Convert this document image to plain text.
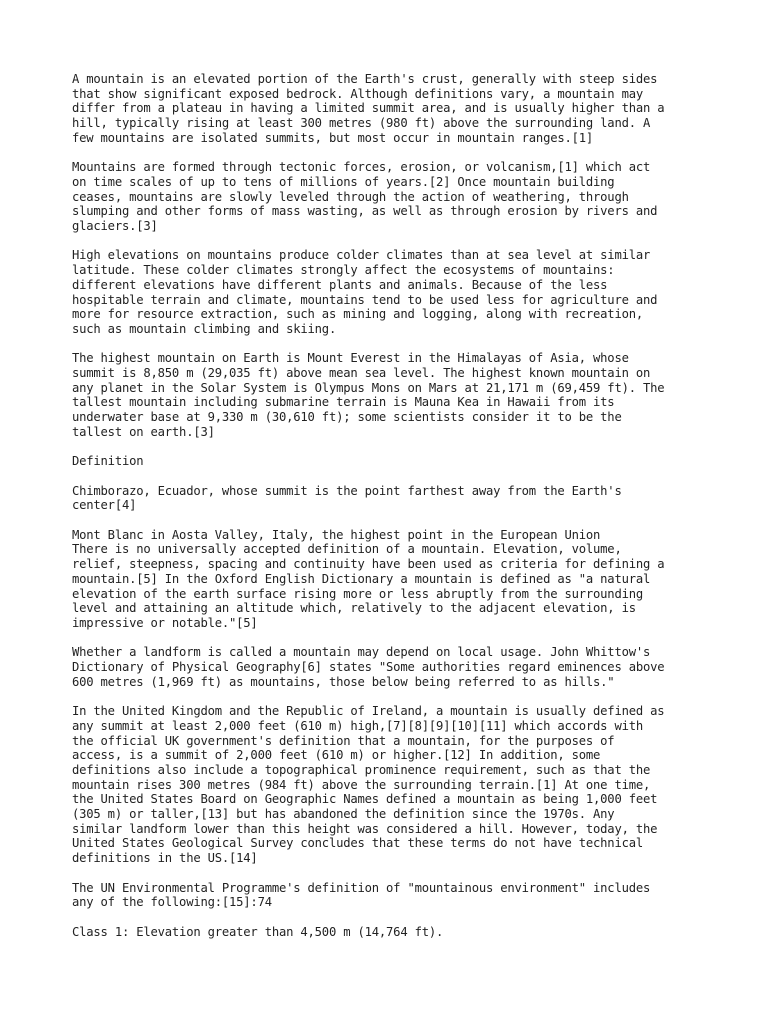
A mountain is an elevated portion of the Earth's crust, generally with steep sides
that show significant exposed bedrock. Although definitions vary, a mountain may
differ from a plateau in having a limited summit area, and is usually higher than a
hill, typically rising at least 300 metres (980 ft) above the surrounding land. A
few mountains are isolated summits, but most occur in mountain ranges.[1]

Mountains are formed through tectonic forces, erosion, or volcanism,[1] which act
on time scales of up to tens of millions of years.[2] Once mountain building
ceases, mountains are slowly leveled through the action of weathering, through
slumping and other forms of mass wasting, as well as through erosion by rivers and
glaciers.[3]

High elevations on mountains produce colder climates than at sea level at similar
latitude. These colder climates strongly affect the ecosystems of mountains:
different elevations have different plants and animals. Because of the less
hospitable terrain and climate, mountains tend to be used less for agriculture and
more for resource extraction, such as mining and logging, along with recreation,
such as mountain climbing and skiing.

The highest mountain on Earth is Mount Everest in the Himalayas of Asia, whose
summit is 8,850 m (29,035 ft) above mean sea level. The highest known mountain on
any planet in the Solar System is Olympus Mons on Mars at 21,171 m (69,459 ft). The
tallest mountain including submarine terrain is Mauna Kea in Hawaii from its
underwater base at 9,330 m (30,610 ft); some scientists consider it to be the
tallest on earth.[3]

Definition

Chimborazo, Ecuador, whose summit is the point farthest away from the Earth's
center[4]

Mont Blanc in Aosta Valley, Italy, the highest point in the European Union

There is no universally accepted definition of a mountain. Elevation, volume,
relief, steepness, spacing and continuity have been used as criteria for defining a
mountain.[5] In the Oxford English Dictionary a mountain is defined as "a natural
elevation of the earth surface rising more or less abruptly from the surrounding
level and attaining an altitude which, relatively to the adjacent elevation, is
impressive or notable."[5]

Whether a landform is called a mountain may depend on local usage. John Whittow's
Dictionary of Physical Geography[6] states "Some authorities regard eminences above
600 metres (1,969 ft) as mountains, those below being referred to as hills."

In the United Kingdom and the Republic of Ireland, a mountain is usually defined as
any summit at least 2,000 feet (610 m) high,[7][8][9][10][11] which accords with
the official UK government's definition that a mountain, for the purposes of
access, is a summit of 2,000 feet (610 m) or higher.[12] In addition, some
definitions also include a topographical prominence requirement, such as that the
mountain rises 300 metres (984 ft) above the surrounding terrain.[1] At one time,
the United States Board on Geographic Names defined a mountain as being 1,000 feet
(305 m) or taller,[13] but has abandoned the definition since the 1970s. Any
similar landform lower than this height was considered a hill. However, today, the
United States Geological Survey concludes that these terms do not have technical
definitions in the US.[14]

The UN Environmental Programme's definition of "mountainous environment" includes
any of the following:[15]:74

Class 1: Elevation greater than 4,500 m (14,764 ft).
